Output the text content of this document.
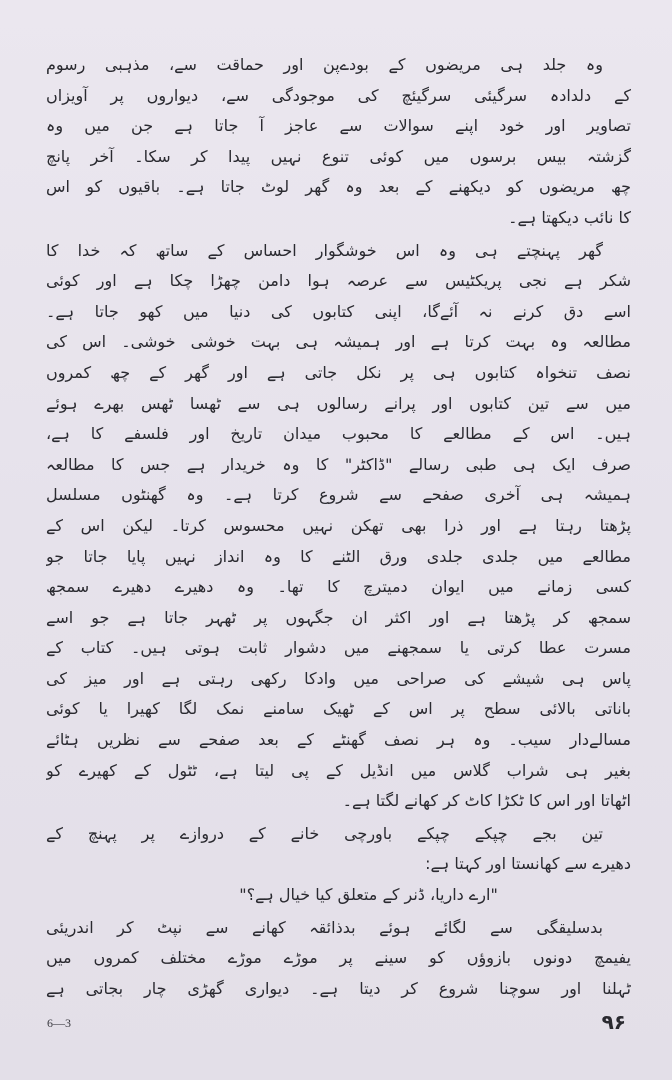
وہ جلد ہی مریضوں کے بودےپن اور حماقت سے، مذہبی رسوم
کے دلدادہ سرگیئی سرگیئچ کی موجودگی سے، دیواروں پر آویزاں
تصاویر اور خود اپنے سوالات سے عاجز آ جاتا ہے جن میں وہ
گزشتہ بیس برسوں میں کوئی تنوع نہیں پیدا کر سکا۔ آخر پانچ
چھ مریضوں کو دیکھنے کے بعد وہ گھر لوٹ جاتا ہے۔ باقیوں کو اس
کا نائب دیکھتا ہے۔
گھر پہنچتے ہی وہ اس خوشگوار احساس کے ساتھ کہ خدا کا
شکر ہے نجی پریکٹیس سے عرصہ ہوا دامن چھڑا چکا ہے اور کوئی
اسے دق کرنے نہ آئےگا، اپنی کتابوں کی دنیا میں کھو جاتا ہے۔
مطالعہ وہ بہت کرتا ہے اور ہمیشہ ہی بہت خوشی خوشی۔ اس کی
نصف تنخواہ کتابوں ہی پر نکل جاتی ہے اور گھر کے چھ کمروں
میں سے تین کتابوں اور پرانے رسالوں ہی سے ٹھسا ٹھس بھرے ہوئے
ہیں۔ اس کے مطالعے کا محبوب میدان تاریخ اور فلسفے کا ہے،
صرف ایک ہی طبی رسالے "ڈاکٹر" کا وہ خریدار ہے جس کا مطالعہ
ہمیشہ ہی آخری صفحے سے شروع کرتا ہے۔ وہ گھنٹوں مسلسل
پڑھتا رہتا ہے اور ذرا بھی تھکن نہیں محسوس کرتا۔ لیکن اس کے
مطالعے میں جلدی جلدی ورق الٹنے کا وہ انداز نہیں پایا جاتا جو
کسی زمانے میں ایوان دمیترچ کا تھا۔ وہ دھیرے دھیرے سمجھ
سمجھ کر پڑھتا ہے اور اکثر ان جگہوں پر ٹھہر جاتا ہے جو اسے
مسرت عطا کرتی یا سمجھنے میں دشوار ثابت ہوتی ہیں۔ کتاب کے
پاس ہی شیشے کی صراحی میں وادکا رکھی رہتی ہے اور میز کی
باناتی بالائی سطح پر اس کے ٹھیک سامنے نمک لگا کھیرا یا کوئی
مسالےدار سیب۔ وہ ہر نصف گھنٹے کے بعد صفحے سے نظریں ہٹائے
بغیر ہی شراب گلاس میں انڈیل کے پی لیتا ہے، ٹٹول کے کھیرے کو
اٹھاتا اور اس کا ٹکڑا کاٹ کر کھانے لگتا ہے۔
تین بجے چپکے چپکے باورچی خانے کے دروازے پر پہنچ کے
دھیرے سے کھانستا اور کہتا ہے:
"ارے داریا، ڈنر کے متعلق کیا خیال ہے؟"
بدسلیقگی سے لگائے ہوئے بدذائقہ کھانے سے نپٹ کر اندریئی
یفیمچ دونوں بازوؤں کو سینے پر موڑے موڑے مختلف کمروں میں
ٹہلنا اور سوچنا شروع کر دیتا ہے۔ دیواری گھڑی چار بجاتی ہے
6—3	۹۶
